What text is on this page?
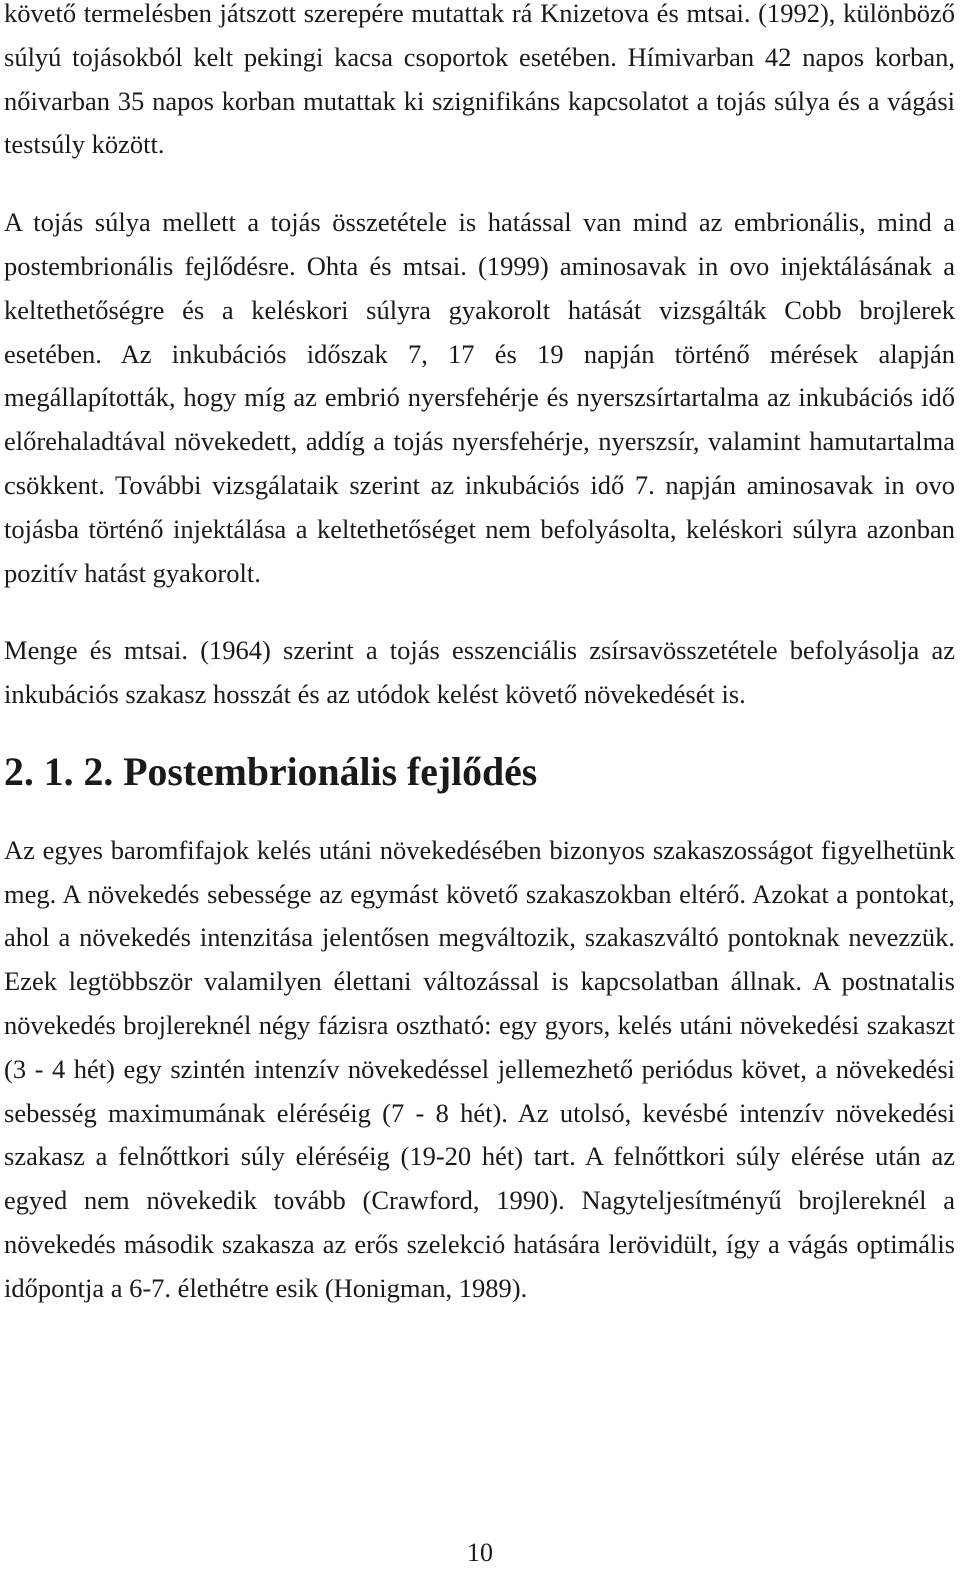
követő termelésben játszott szerepére mutattak rá Knizetova és mtsai. (1992), különböző súlyú tojásokból kelt pekingi kacsa csoportok esetében. Hímivarban 42 napos korban, nőivarban 35 napos korban mutattak ki szignifikáns kapcsolatot a tojás súlya és a vágási testsúly között.

A tojás súlya mellett a tojás összetétele is hatással van mind az embrionális, mind a postembrionális fejlődésre. Ohta és mtsai. (1999) aminosavak in ovo injektálásának a keltethetőségre és a keléskori súlyra gyakorolt hatását vizsgálták Cobb brojlerek esetében. Az inkubációs időszak 7, 17 és 19 napján történő mérések alapján megállapították, hogy míg az embrió nyersfehérje és nyerszsírtartalma az inkubációs idő előrehaladtával növekedett, addíg a tojás nyersfehérje, nyerszsír, valamint hamutartalma csökkent. További vizsgálataik szerint az inkubációs idő 7. napján aminosavak in ovo tojásba történő injektálása a keltethetőséget nem befolyásolta, keléskori súlyra azonban pozitív hatást gyakorolt.

Menge és mtsai. (1964) szerint a tojás esszenciális zsírsavösszetétele befolyásolja az inkubációs szakasz hosszát és az utódok kelést követő növekedését is.

2. 1. 2. Postembrionális fejlődés

Az egyes baromfifajok kelés utáni növekedésében bizonyos szakaszosságot figyelhetünk meg. A növekedés sebessége az egymást követő szakaszokban eltérő. Azokat a pontokat, ahol a növekedés intenzitása jelentősen megváltozik, szakaszváltó pontoknak nevezzük. Ezek legtöbbször valamilyen élettani változással is kapcsolatban állnak. A postnatalis növekedés brojlereknél négy fázisra osztható: egy gyors, kelés utáni növekedési szakaszt (3 - 4 hét) egy szintén intenzív növekedéssel jellemezhető periódus követ, a növekedési sebesség maximumának eléréséig (7 - 8 hét). Az utolsó, kevésbé intenzív növekedési szakasz a felnőttkori súly eléréséig (19-20 hét) tart. A felnőttkori súly elérése után az egyed nem növekedik tovább (Crawford, 1990). Nagyteljesítményű brojlereknél a növekedés második szakasza az erős szelekció hatására lerövidült, így a vágás optimális időpontja a 6-7. élethétre esik (Honigman, 1989).

10
